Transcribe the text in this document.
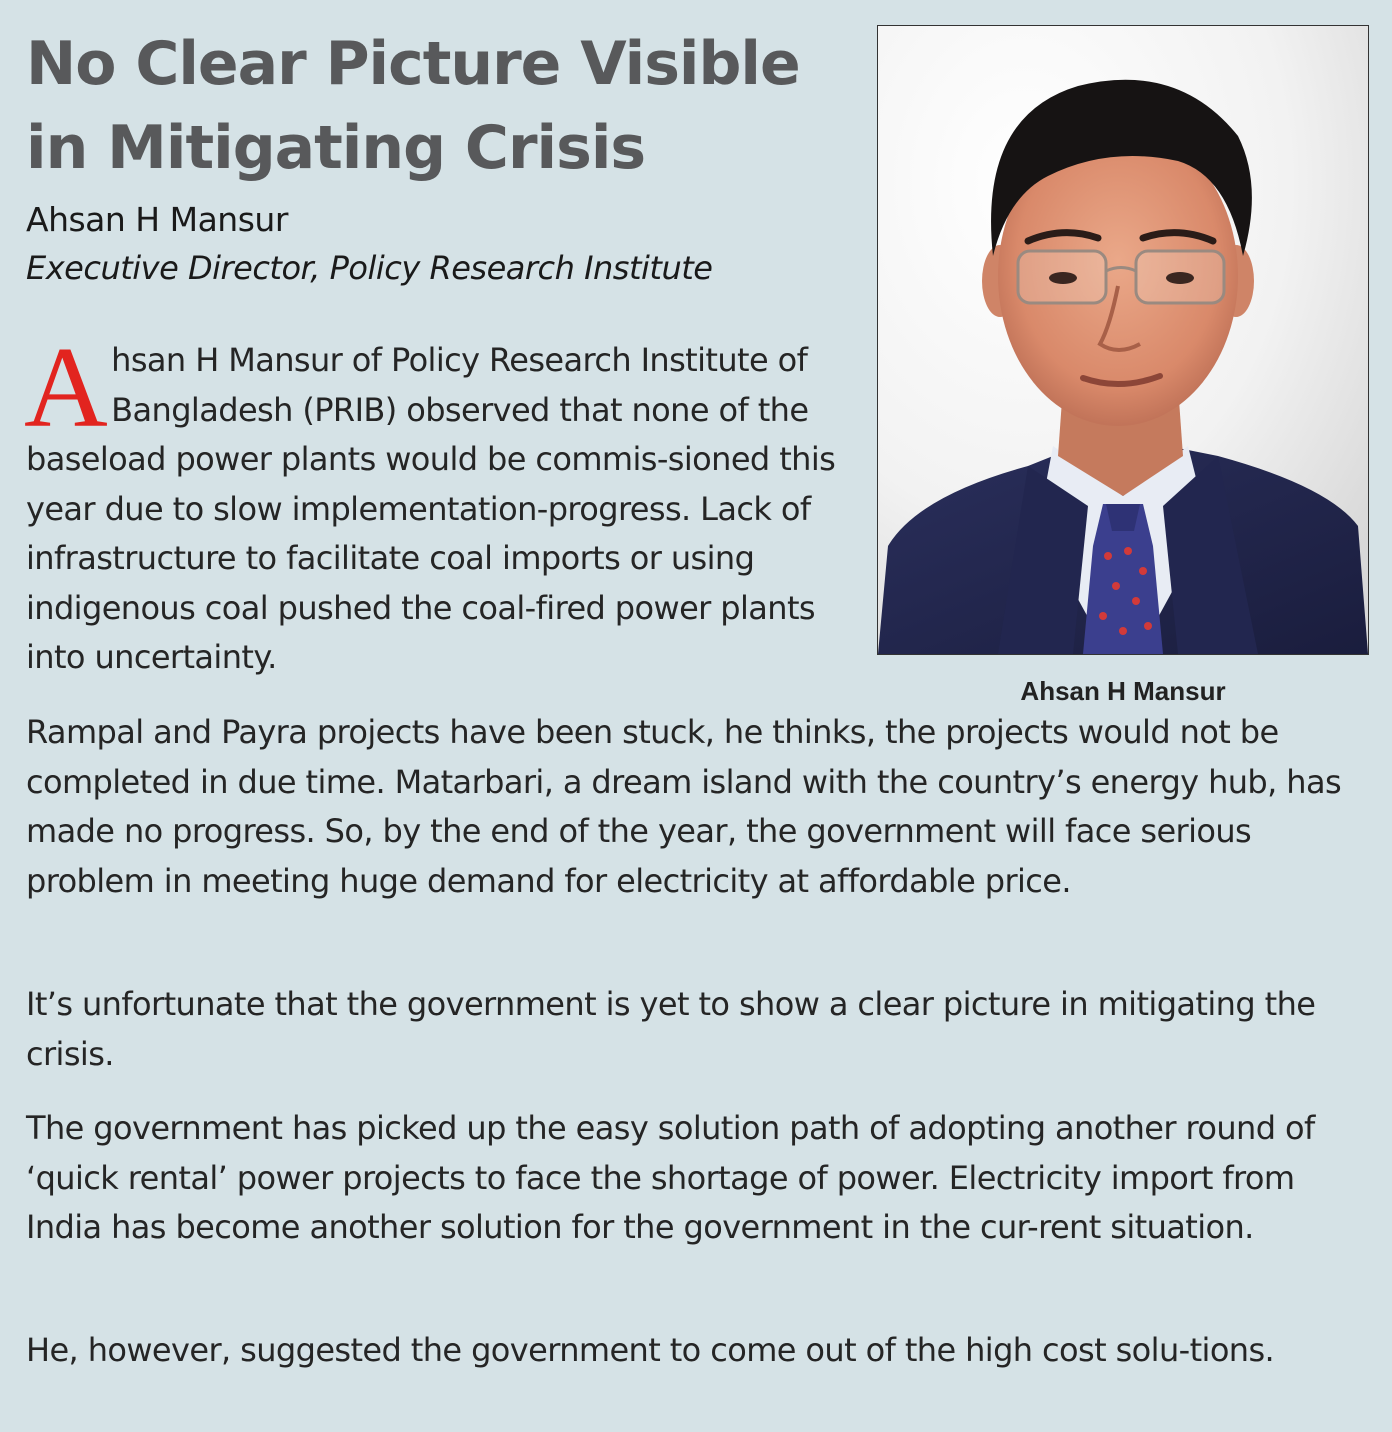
No Clear Picture Visible in Mitigating Crisis
Ahsan H Mansur
Executive Director, Policy Research Institute
Ahsan H Mansur

Ahsan H Mansur of Policy Research Institute of Bangladesh (PRIB) observed that none of the baseload power plants would be commis-sioned this year due to slow implementation-progress. Lack of infrastructure to facilitate coal imports or using indigenous coal pushed the coal-fired power plants into uncertainty.

Rampal and Payra projects have been stuck, he thinks, the projects would not be completed in due time. Matarbari, a dream island with the country’s energy hub, has made no progress. So, by the end of the year, the government will face serious problem in meeting huge demand for electricity at affordable price.

It’s unfortunate that the government is yet to show a clear picture in mitigating the crisis.

The government has picked up the easy solution path of adopting another round of ‘quick rental’ power projects to face the shortage of power. Electricity import from India has become another solution for the government in the cur-rent situation.

He, however, suggested the government to come out of the high cost solu-tions.
